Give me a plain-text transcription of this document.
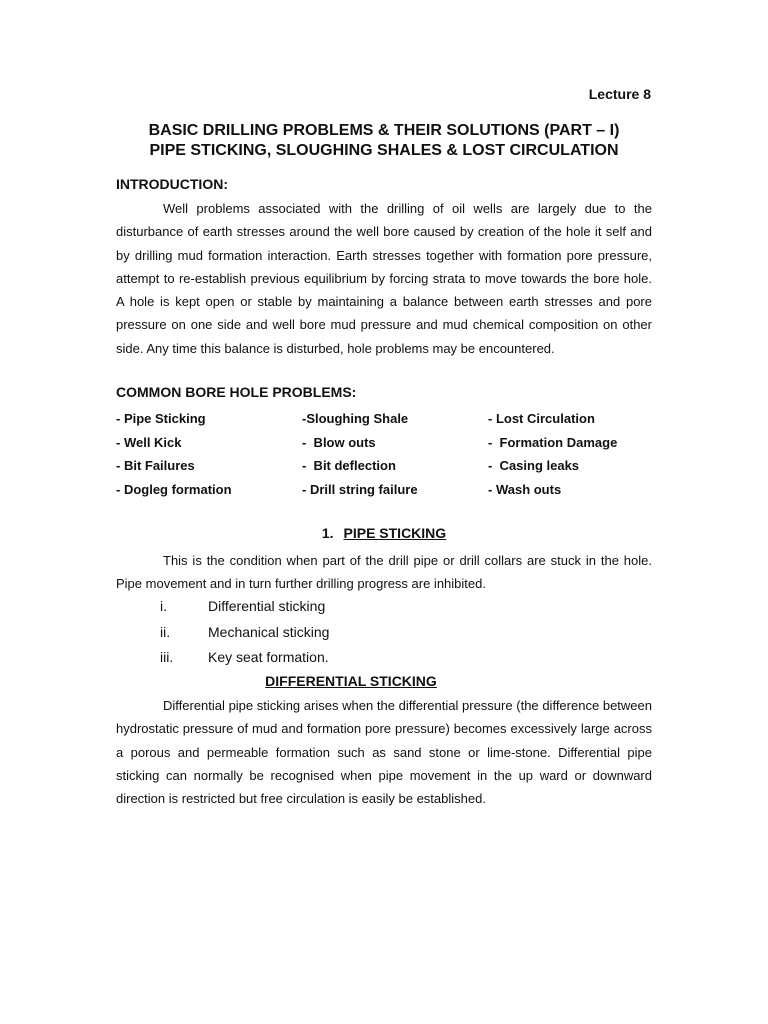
Lecture 8

BASIC DRILLING PROBLEMS & THEIR SOLUTIONS (PART – I)
PIPE STICKING, SLOUGHING SHALES & LOST CIRCULATION
INTRODUCTION:

Well problems associated with the drilling of oil wells are largely due to the disturbance of earth stresses around the well bore caused by creation of the hole it self and by drilling mud formation interaction. Earth stresses together with formation pore pressure, attempt to re-establish previous equilibrium by forcing strata to move towards the bore hole. A hole is kept open or stable by maintaining a balance between earth stresses and pore pressure on one side and well bore mud pressure and mud chemical composition on other side. Any time this balance is disturbed, hole problems may be encountered.

COMMON BORE HOLE PROBLEMS:
- Pipe Sticking	-Sloughing Shale	- Lost Circulation
- Well Kick	-  Blow outs	-  Formation Damage
- Bit Failures	-  Bit deflection	-  Casing leaks
- Dogleg formation	- Drill string failure	- Wash outs
1. PIPE STICKING

This is the condition when part of the drill pipe or drill collars are stuck in the hole. Pipe movement and in turn further drilling progress are inhibited.

i.	Differential sticking
ii.	Mechanical sticking
iii. Key seat formation.
DIFFERENTIAL STICKING

Differential pipe sticking arises when the differential pressure (the difference between hydrostatic pressure of mud and formation pore pressure) becomes excessively large across a porous and permeable formation such as sand stone or lime-stone. Differential pipe sticking can normally be recognised when pipe movement in the up ward or downward direction is restricted but free circulation is easily be established.
